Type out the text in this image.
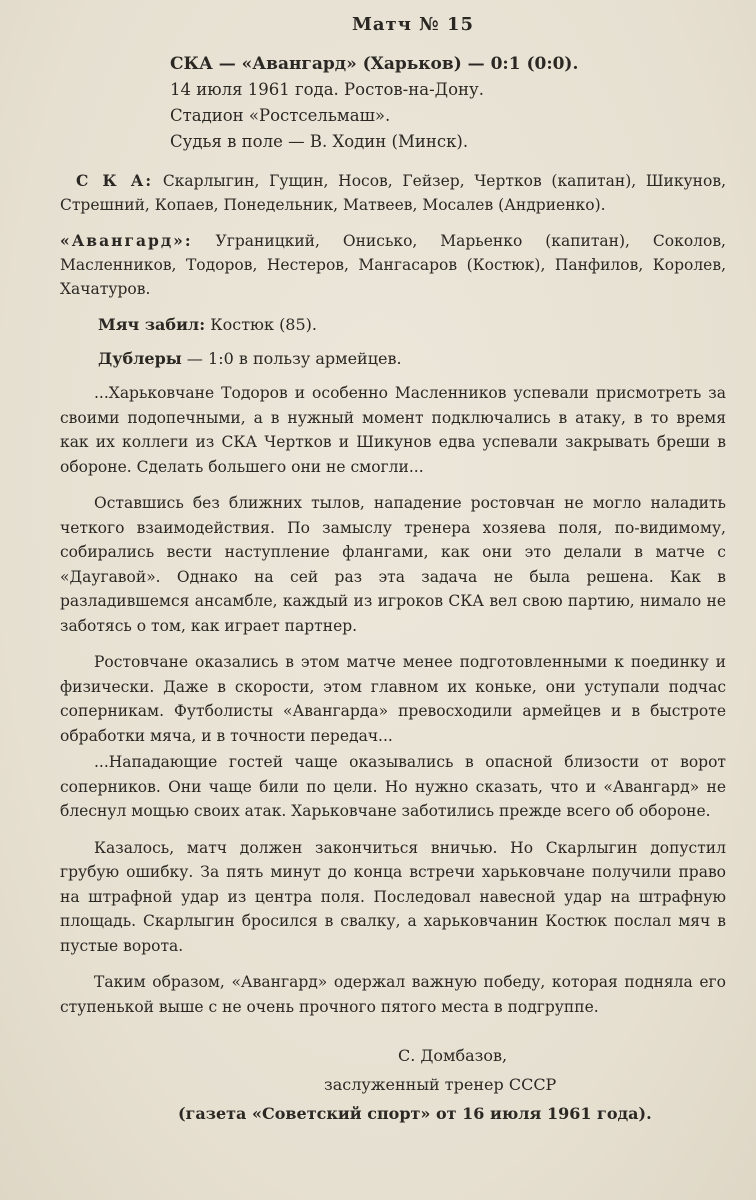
Матч № 15
СКА — «Авангард» (Харьков) — 0:1 (0:0).
14 июля 1961 года. Ростов-на-Дону.
Стадион «Ростсельмаш».
Судья в поле — В. Ходин (Минск).

С К А: Скарлыгин, Гущин, Носов, Гейзер, Чертков (капитан), Шикунов, Стрешний, Копаев, Понедельник, Матвеев, Мосалев (Андриенко).

«Авангард»: Уграницкий, Онисько, Марьенко (капитан), Соколов, Масленников, Тодоров, Нестеров, Мангасаров (Костюк), Панфилов, Королев, Хачатуров.

Мяч забил: Костюк (85).

Дублеры — 1:0 в пользу армейцев.

...Харьковчане Тодоров и особенно Масленников успевали присмотреть за своими подопечными, а в нужный момент подключались в атаку, в то время как их коллеги из СКА Чертков и Шикунов едва успевали закрывать бреши в обороне. Сделать большего они не смогли...

Оставшись без ближних тылов, нападение ростовчан не могло наладить четкого взаимодействия. По замыслу тренера хозяева поля, по-видимому, собирались вести наступление флангами, как они это делали в матче с «Даугавой». Однако на сей раз эта задача не была решена. Как в разладившемся ансамбле, каждый из игроков СКА вел свою партию, нимало не заботясь о том, как играет партнер.

Ростовчане оказались в этом матче менее подготовленными к поединку и физически. Даже в скорости, этом главном их коньке, они уступали подчас соперникам. Футболисты «Авангарда» превосходили армейцев и в быстроте обработки мяча, и в точности передач...

...Нападающие гостей чаще оказывались в опасной близости от ворот соперников. Они чаще били по цели. Но нужно сказать, что и «Авангард» не блеснул мощью своих атак. Харьковчане заботились прежде всего об обороне.

Казалось, матч должен закончиться вничью. Но Скарлыгин допустил грубую ошибку. За пять минут до конца встречи харьковчане получили право на штрафной удар из центра поля. Последовал навесной удар на штрафную площадь. Скарлыгин бросился в свалку, а харьковчанин Костюк послал мяч в пустые ворота.

Таким образом, «Авангард» одержал важную победу, которая подняла его ступенькой выше с не очень прочного пятого места в подгруппе.

С. Домбазов,
заслуженный тренер СССР
(газета «Советский спорт» от 16 июля 1961 года).
